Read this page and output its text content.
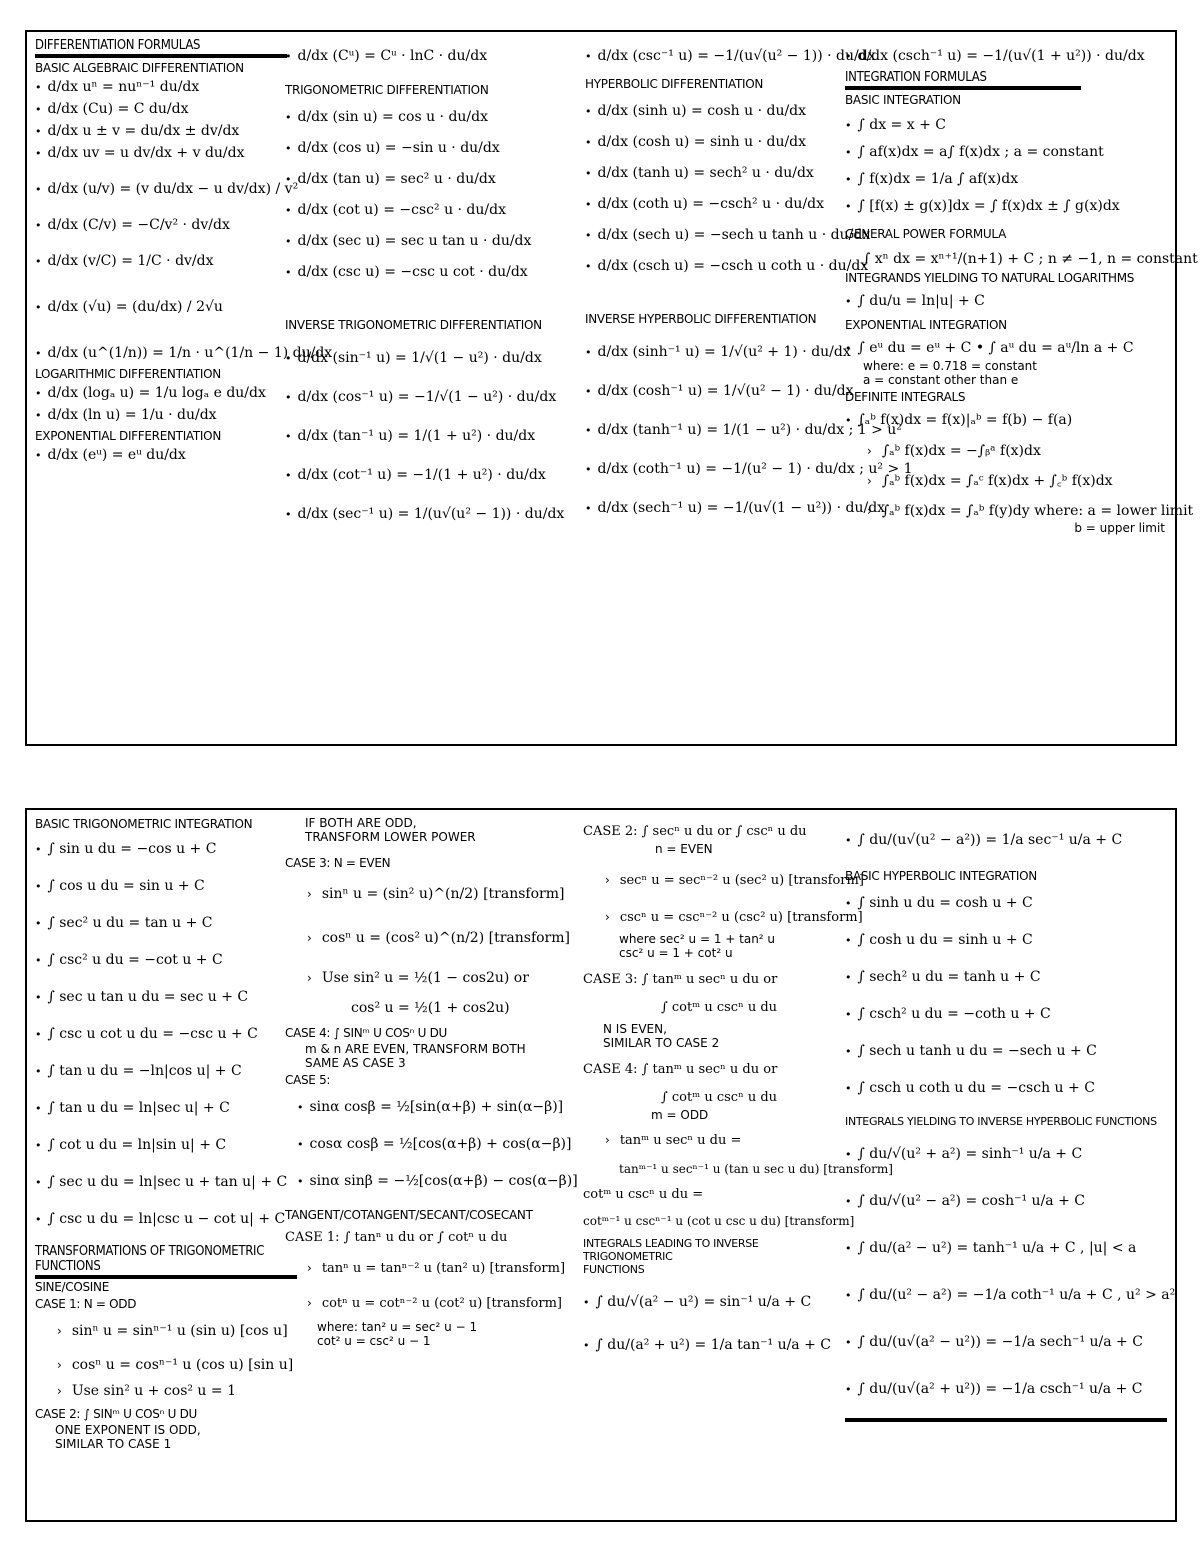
DIFFERENTIATION FORMULAS
BASIC ALGEBRAIC DIFFERENTIATION
• d/dx uⁿ = nuⁿ⁻¹ du/dx
• d/dx (Cu) = C du/dx
• d/dx u ± v = du/dx ± dv/dx
• d/dx uv = u dv/dx + v du/dx
• d/dx (u/v) = (v du/dx − u dv/dx) / v²
• d/dx (C/v) = −C/v² · dv/dx
• d/dx (v/C) = 1/C · dv/dx
• d/dx (√u) = (du/dx) / 2√u
• d/dx (u^(1/n)) = 1/n · u^(1/n − 1) du/dx
LOGARITHMIC DIFFERENTIATION
• d/dx (logₐ u) = 1/u logₐ e du/dx
• d/dx (ln u) = 1/u · du/dx
EXPONENTIAL DIFFERENTIATION
• d/dx (eᵘ) = eᵘ du/dx
• d/dx (Cᵘ) = Cᵘ · lnC · du/dx
TRIGONOMETRIC DIFFERENTIATION
• d/dx (sin u) = cos u · du/dx
• d/dx (cos u) = −sin u · du/dx
• d/dx (tan u) = sec² u · du/dx
• d/dx (cot u) = −csc² u · du/dx
• d/dx (sec u) = sec u tan u · du/dx
• d/dx (csc u) = −csc u cot · du/dx
INVERSE TRIGONOMETRIC DIFFERENTIATION
• d/dx (sin⁻¹ u) = 1/√(1 − u²) · du/dx
• d/dx (cos⁻¹ u) = −1/√(1 − u²) · du/dx
• d/dx (tan⁻¹ u) = 1/(1 + u²) · du/dx
• d/dx (cot⁻¹ u) = −1/(1 + u²) · du/dx
• d/dx (sec⁻¹ u) = 1/(u√(u² − 1)) · du/dx
• d/dx (csc⁻¹ u) = −1/(u√(u² − 1)) · du/dx
HYPERBOLIC DIFFERENTIATION
• d/dx (sinh u) = cosh u · du/dx
• d/dx (cosh u) = sinh u · du/dx
• d/dx (tanh u) = sech² u · du/dx
• d/dx (coth u) = −csch² u · du/dx
• d/dx (sech u) = −sech u tanh u · du/dx
• d/dx (csch u) = −csch u coth u · du/dx
INVERSE HYPERBOLIC DIFFERENTIATION
• d/dx (sinh⁻¹ u) = 1/√(u² + 1) · du/dx
• d/dx (cosh⁻¹ u) = 1/√(u² − 1) · du/dx
• d/dx (tanh⁻¹ u) = 1/(1 − u²) · du/dx ; 1 > u²
• d/dx (coth⁻¹ u) = −1/(u² − 1) · du/dx ; u² > 1
• d/dx (sech⁻¹ u) = −1/(u√(1 − u²)) · du/dx
• d/dx (csch⁻¹ u) = −1/(u√(1 + u²)) · du/dx
INTEGRATION FORMULAS
BASIC INTEGRATION
• ∫ dx = x + C
• ∫ af(x)dx = a∫ f(x)dx ; a = constant
• ∫ f(x)dx = 1/a ∫ af(x)dx
• ∫ [f(x) ± g(x)]dx = ∫ f(x)dx ± ∫ g(x)dx
GENERAL POWER FORMULA
∫ xⁿ dx = xⁿ⁺¹/(n+1) + C ; n ≠ −1, n = constant
INTEGRANDS YIELDING TO NATURAL LOGARITHMS
• ∫ du/u = ln|u| + C
EXPONENTIAL INTEGRATION
• ∫ eᵘ du = eᵘ + C • ∫ aᵘ du = aᵘ/ln a + C
where: e = 0.718 = constant
a = constant other than e
DEFINITE INTEGRALS
• ∫ₐᵇ f(x)dx = f(x)|ₐᵇ = f(b) − f(a)
› ∫ₐᵇ f(x)dx = −∫ᵦᵃ f(x)dx
› ∫ₐᵇ f(x)dx = ∫ₐᶜ f(x)dx + ∫꜀ᵇ f(x)dx
› ∫ₐᵇ f(x)dx = ∫ₐᵇ f(y)dy where: a = lower limit
b = upper limit
BASIC TRIGONOMETRIC INTEGRATION
• ∫ sin u du = −cos u + C
• ∫ cos u du = sin u + C
• ∫ sec² u du = tan u + C
• ∫ csc² u du = −cot u + C
• ∫ sec u tan u du = sec u + C
• ∫ csc u cot u du = −csc u + C
• ∫ tan u du = −ln|cos u| + C
• ∫ tan u du = ln|sec u| + C
• ∫ cot u du = ln|sin u| + C
• ∫ sec u du = ln|sec u + tan u| + C
• ∫ csc u du = ln|csc u − cot u| + C
TRANSFORMATIONS OF TRIGONOMETRIC
FUNCTIONS
SINE/COSINE
CASE 1: N = ODD
› sinⁿ u = sinⁿ⁻¹ u (sin u) [cos u]
› cosⁿ u = cosⁿ⁻¹ u (cos u) [sin u]
› Use sin² u + cos² u = 1
CASE 2: ∫ SINᵐ U COSⁿ U DU
ONE EXPONENT IS ODD,
SIMILAR TO CASE 1
IF BOTH ARE ODD,
TRANSFORM LOWER POWER
CASE 3: N = EVEN
› sinⁿ u = (sin² u)^(n/2) [transform]
› cosⁿ u = (cos² u)^(n/2) [transform]
› Use sin² u = ½(1 − cos2u) or
cos² u = ½(1 + cos2u)
CASE 4: ∫ SINᵐ U COSⁿ U DU
m & n ARE EVEN, TRANSFORM BOTH
SAME AS CASE 3
CASE 5:
• sinα cosβ = ½[sin(α+β) + sin(α−β)]
• cosα cosβ = ½[cos(α+β) + cos(α−β)]
• sinα sinβ = −½[cos(α+β) − cos(α−β)]
TANGENT/COTANGENT/SECANT/COSECANT
CASE 1: ∫ tanⁿ u du or ∫ cotⁿ u du
› tanⁿ u = tanⁿ⁻² u (tan² u) [transform]
› cotⁿ u = cotⁿ⁻² u (cot² u) [transform]
where: tan² u = sec² u − 1
cot² u = csc² u − 1
CASE 2: ∫ secⁿ u du or ∫ cscⁿ u du
n = EVEN
› secⁿ u = secⁿ⁻² u (sec² u) [transform]
› cscⁿ u = cscⁿ⁻² u (csc² u) [transform]
where sec² u = 1 + tan² u
csc² u = 1 + cot² u
CASE 3: ∫ tanᵐ u secⁿ u du or
∫ cotᵐ u cscⁿ u du
N IS EVEN,
SIMILAR TO CASE 2
CASE 4: ∫ tanᵐ u secⁿ u du or
∫ cotᵐ u cscⁿ u du
m = ODD
› tanᵐ u secⁿ u du =
tanᵐ⁻¹ u secⁿ⁻¹ u (tan u sec u du) [transform]
cotᵐ u cscⁿ u du =
cotᵐ⁻¹ u cscⁿ⁻¹ u (cot u csc u du) [transform]
INTEGRALS LEADING TO INVERSE TRIGONOMETRIC
FUNCTIONS
• ∫ du/√(a² − u²) = sin⁻¹ u/a + C
• ∫ du/(a² + u²) = 1/a tan⁻¹ u/a + C
• ∫ du/(u√(u² − a²)) = 1/a sec⁻¹ u/a + C
BASIC HYPERBOLIC INTEGRATION
• ∫ sinh u du = cosh u + C
• ∫ cosh u du = sinh u + C
• ∫ sech² u du = tanh u + C
• ∫ csch² u du = −coth u + C
• ∫ sech u tanh u du = −sech u + C
• ∫ csch u coth u du = −csch u + C
INTEGRALS YIELDING TO INVERSE HYPERBOLIC FUNCTIONS
• ∫ du/√(u² + a²) = sinh⁻¹ u/a + C
• ∫ du/√(u² − a²) = cosh⁻¹ u/a + C
• ∫ du/(a² − u²) = tanh⁻¹ u/a + C , |u| < a
• ∫ du/(u² − a²) = −1/a coth⁻¹ u/a + C , u² > a²
• ∫ du/(u√(a² − u²)) = −1/a sech⁻¹ u/a + C
• ∫ du/(u√(a² + u²)) = −1/a csch⁻¹ u/a + C
